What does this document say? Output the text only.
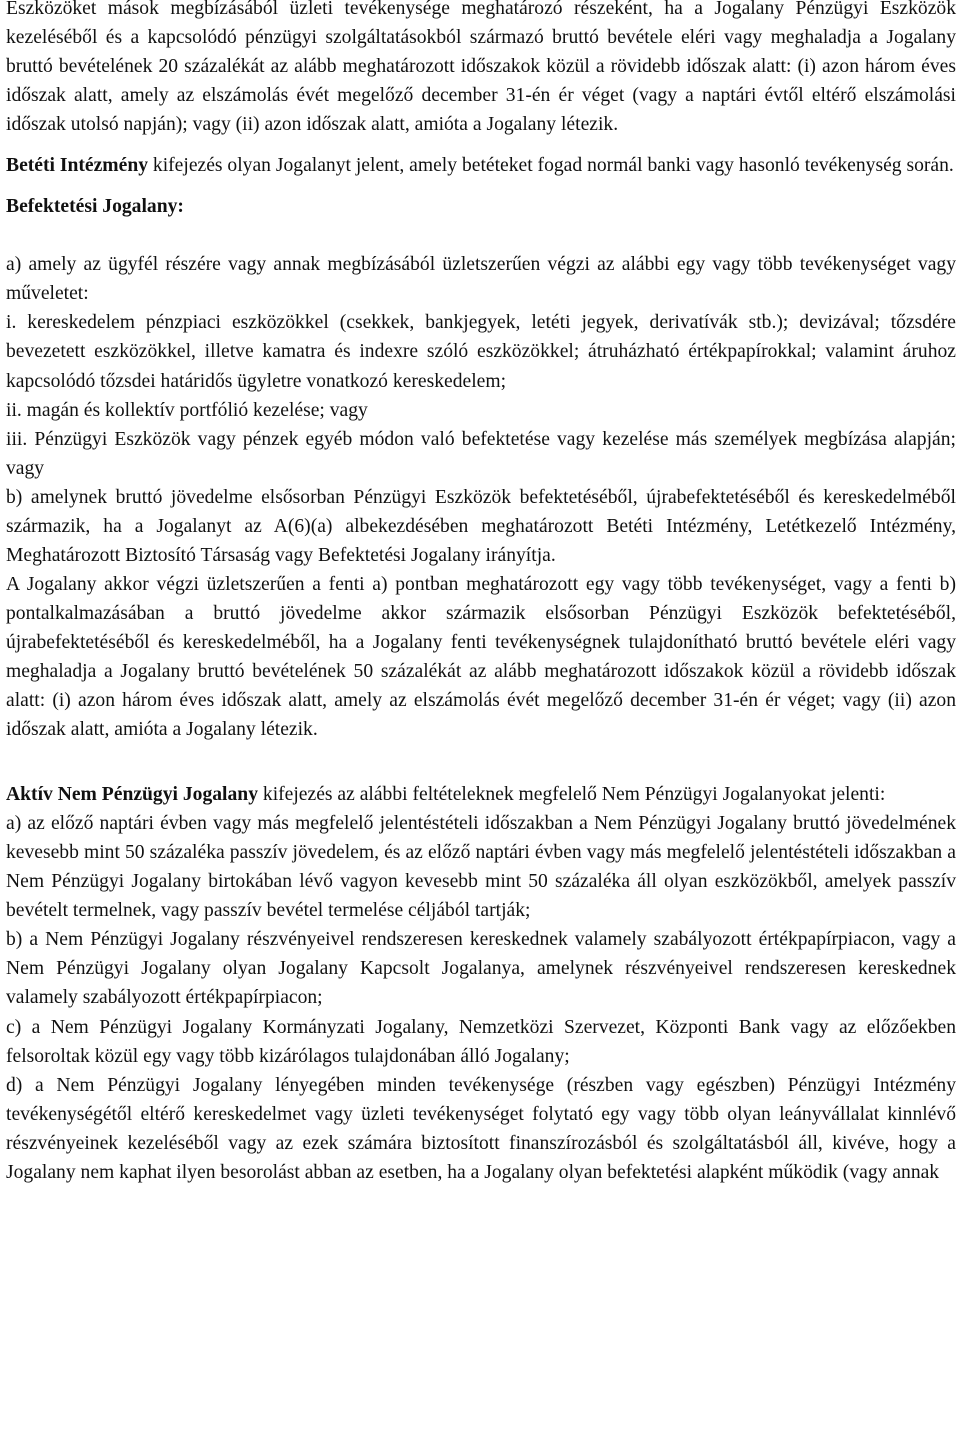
Eszközöket mások megbízásából üzleti tevékenysége meghatározó részeként, ha a Jogalany Pénzügyi Eszközök kezeléséből és a kapcsolódó pénzügyi szolgáltatásokból származó bruttó bevétele eléri vagy meghaladja a Jogalany bruttó bevételének 20 százalékát az alább meghatározott időszakok közül a rövidebb időszak alatt: (i) azon három éves időszak alatt, amely az elszámolás évét megelőző december 31-én ér véget (vagy a naptári évtől eltérő elszámolási időszak utolsó napján); vagy (ii) azon időszak alatt, amióta a Jogalany létezik.

Betéti Intézmény kifejezés olyan Jogalanyt jelent, amely betéteket fogad normál banki vagy hasonló tevékenység során.

Befektetési Jogalany:

a) amely az ügyfél részére vagy annak megbízásából üzletszerűen végzi az alábbi egy vagy több tevékenységet vagy műveletet:

i. kereskedelem pénzpiaci eszközökkel (csekkek, bankjegyek, letéti jegyek, derivatívák stb.); devizával; tőzsdére bevezetett eszközökkel, illetve kamatra és indexre szóló eszközökkel; átruházható értékpapírokkal; valamint áruhoz kapcsolódó tőzsdei határidős ügyletre vonatkozó kereskedelem;

ii. magán és kollektív portfólió kezelése; vagy

iii. Pénzügyi Eszközök vagy pénzek egyéb módon való befektetése vagy kezelése más személyek megbízása alapján; vagy

b) amelynek bruttó jövedelme elsősorban Pénzügyi Eszközök befektetéséből, újrabefektetéséből és kereskedelméből származik, ha a Jogalanyt az A(6)(a) albekezdésében meghatározott Betéti Intézmény, Letétkezelő Intézmény, Meghatározott Biztosító Társaság vagy Befektetési Jogalany irányítja.

A Jogalany akkor végzi üzletszerűen a fenti a) pontban meghatározott egy vagy több tevékenységet, vagy a fenti b) pontalkalmazásában a bruttó jövedelme akkor származik elsősorban Pénzügyi Eszközök befektetéséből, újrabefektetéséből és kereskedelméből, ha a Jogalany fenti tevékenységnek tulajdonítható bruttó bevétele eléri vagy meghaladja a Jogalany bruttó bevételének 50 százalékát az alább meghatározott időszakok közül a rövidebb időszak alatt: (i) azon három éves időszak alatt, amely az elszámolás évét megelőző december 31-én ér véget; vagy (ii) azon időszak alatt, amióta a Jogalany létezik.

Aktív Nem Pénzügyi Jogalany kifejezés az alábbi feltételeknek megfelelő Nem Pénzügyi Jogalanyokat jelenti:

a) az előző naptári évben vagy más megfelelő jelentéstételi időszakban a Nem Pénzügyi Jogalany bruttó jövedelmének kevesebb mint 50 százaléka passzív jövedelem, és az előző naptári évben vagy más megfelelő jelentéstételi időszakban a Nem Pénzügyi Jogalany birtokában lévő vagyon kevesebb mint 50 százaléka áll olyan eszközökből, amelyek passzív bevételt termelnek, vagy passzív bevétel termelése céljából tartják;

b) a Nem Pénzügyi Jogalany részvényeivel rendszeresen kereskednek valamely szabályozott értékpapírpiacon, vagy a Nem Pénzügyi Jogalany olyan Jogalany Kapcsolt Jogalanya, amelynek részvényeivel rendszeresen kereskednek valamely szabályozott értékpapírpiacon;

c) a Nem Pénzügyi Jogalany Kormányzati Jogalany, Nemzetközi Szervezet, Központi Bank vagy az előzőekben felsoroltak közül egy vagy több kizárólagos tulajdonában álló Jogalany;

d) a Nem Pénzügyi Jogalany lényegében minden tevékenysége (részben vagy egészben) Pénzügyi Intézmény tevékenységétől eltérő kereskedelmet vagy üzleti tevékenységet folytató egy vagy több olyan leányvállalat kinnlévő részvényeinek kezeléséből vagy az ezek számára biztosított finanszírozásból és szolgáltatásból áll, kivéve, hogy a Jogalany nem kaphat ilyen besorolást abban az esetben, ha a Jogalany olyan befektetési alapként működik (vagy annak
